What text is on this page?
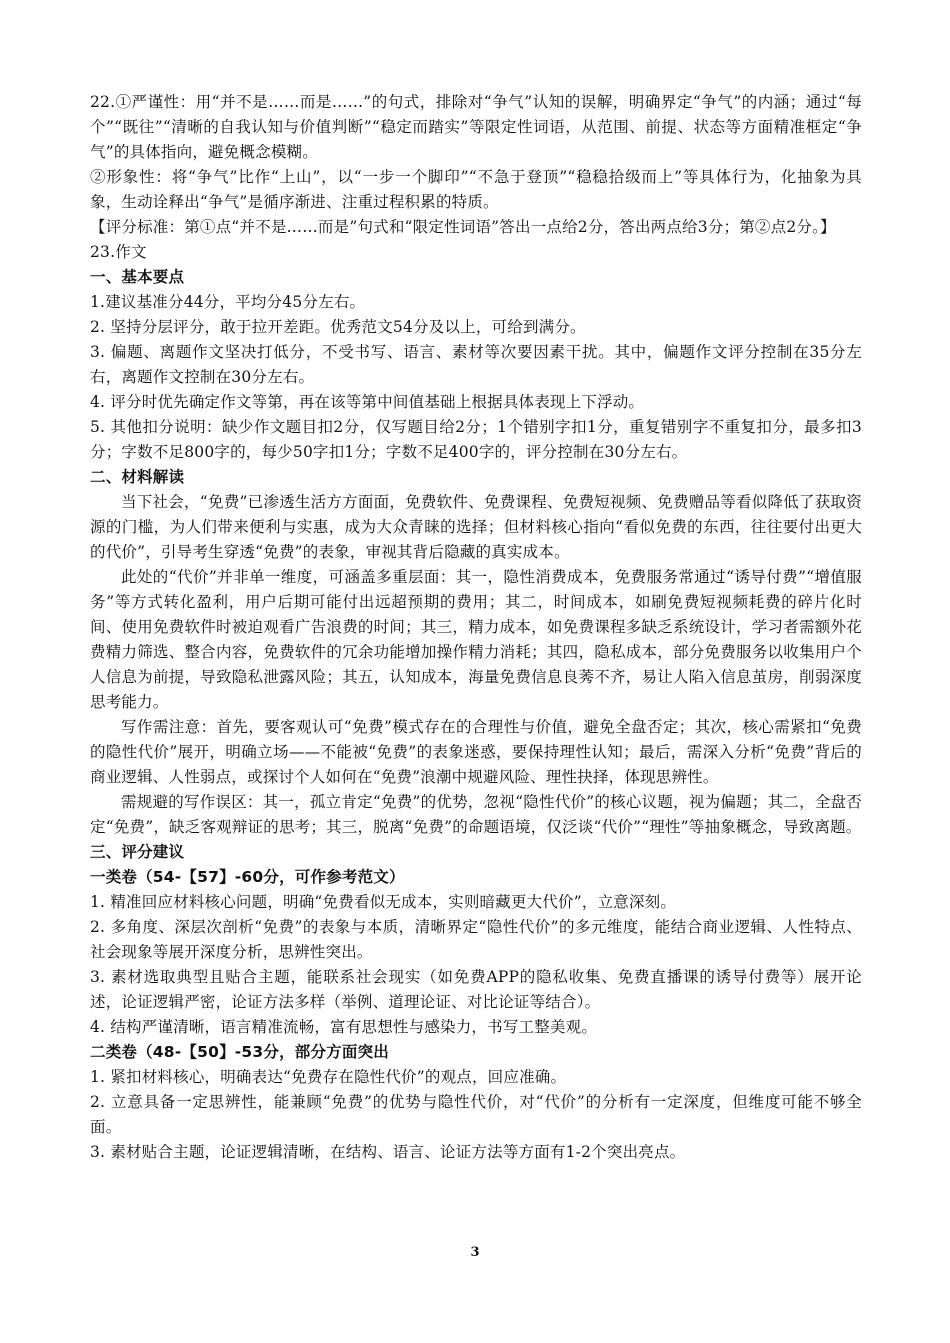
22.①严谨性：用“并不是……而是……”的句式，排除对“争气”认知的误解，明确界定“争气”的内涵；通过“每个”“既往”“清晰的自我认知与价值判断”“稳定而踏实”等限定性词语，从范围、前提、状态等方面精准框定“争气”的具体指向，避免概念模糊。

②形象性：将“争气”比作“上山”，以“一步一个脚印”“不急于登顶”“稳稳拾级而上”等具体行为，化抽象为具象，生动诠释出“争气”是循序渐进、注重过程积累的特质。

【评分标准：第①点“并不是……而是”句式和“限定性词语”答出一点给2分，答出两点给3分；第②点2分。】

23.作文

一、基本要点

1.建议基准分44分，平均分45分左右。

2. 坚持分层评分，敢于拉开差距。优秀范文54分及以上，可给到满分。

3. 偏题、离题作文坚决打低分，不受书写、语言、素材等次要因素干扰。其中，偏题作文评分控制在35分左右，离题作文控制在30分左右。

4. 评分时优先确定作文等第，再在该等第中间值基础上根据具体表现上下浮动。

5. 其他扣分说明：缺少作文题目扣2分，仅写题目给2分；1个错别字扣1分，重复错别字不重复扣分，最多扣3分；字数不足800字的，每少50字扣1分；字数不足400字的，评分控制在30分左右。

二、材料解读

当下社会，“免费”已渗透生活方方面面，免费软件、免费课程、免费短视频、免费赠品等看似降低了获取资源的门槛，为人们带来便利与实惠，成为大众青睐的选择；但材料核心指向“看似免费的东西，往往要付出更大的代价”，引导考生穿透“免费”的表象，审视其背后隐藏的真实成本。

此处的“代价”并非单一维度，可涵盖多重层面：其一，隐性消费成本，免费服务常通过“诱导付费”“增值服务”等方式转化盈利，用户后期可能付出远超预期的费用；其二，时间成本，如刷免费短视频耗费的碎片化时间、使用免费软件时被迫观看广告浪费的时间；其三，精力成本，如免费课程多缺乏系统设计，学习者需额外花费精力筛选、整合内容，免费软件的冗余功能增加操作精力消耗；其四，隐私成本，部分免费服务以收集用户个人信息为前提，导致隐私泄露风险；其五，认知成本，海量免费信息良莠不齐，易让人陷入信息茧房，削弱深度思考能力。

写作需注意：首先，要客观认可“免费”模式存在的合理性与价值，避免全盘否定；其次，核心需紧扣“免费的隐性代价”展开，明确立场——不能被“免费”的表象迷惑，要保持理性认知；最后，需深入分析“免费”背后的商业逻辑、人性弱点，或探讨个人如何在“免费”浪潮中规避风险、理性抉择，体现思辨性。

需规避的写作误区：其一，孤立肯定“免费”的优势，忽视“隐性代价”的核心议题，视为偏题；其二，全盘否定“免费”，缺乏客观辩证的思考；其三，脱离“免费”的命题语境，仅泛谈“代价”“理性”等抽象概念，导致离题。

三、评分建议

一类卷（54-【57】-60分，可作参考范文）

1. 精准回应材料核心问题，明确“免费看似无成本，实则暗藏更大代价”，立意深刻。

2. 多角度、深层次剖析“免费”的表象与本质，清晰界定“隐性代价”的多元维度，能结合商业逻辑、人性特点、社会现象等展开深度分析，思辨性突出。

3. 素材选取典型且贴合主题，能联系社会现实（如免费APP的隐私收集、免费直播课的诱导付费等）展开论述，论证逻辑严密，论证方法多样（举例、道理论证、对比论证等结合）。

4. 结构严谨清晰，语言精准流畅，富有思想性与感染力，书写工整美观。

二类卷（48-【50】-53分，部分方面突出

1. 紧扣材料核心，明确表达“免费存在隐性代价”的观点，回应准确。

2. 立意具备一定思辨性，能兼顾“免费”的优势与隐性代价，对“代价”的分析有一定深度，但维度可能不够全面。

3. 素材贴合主题，论证逻辑清晰，在结构、语言、论证方法等方面有1-2个突出亮点。

3
